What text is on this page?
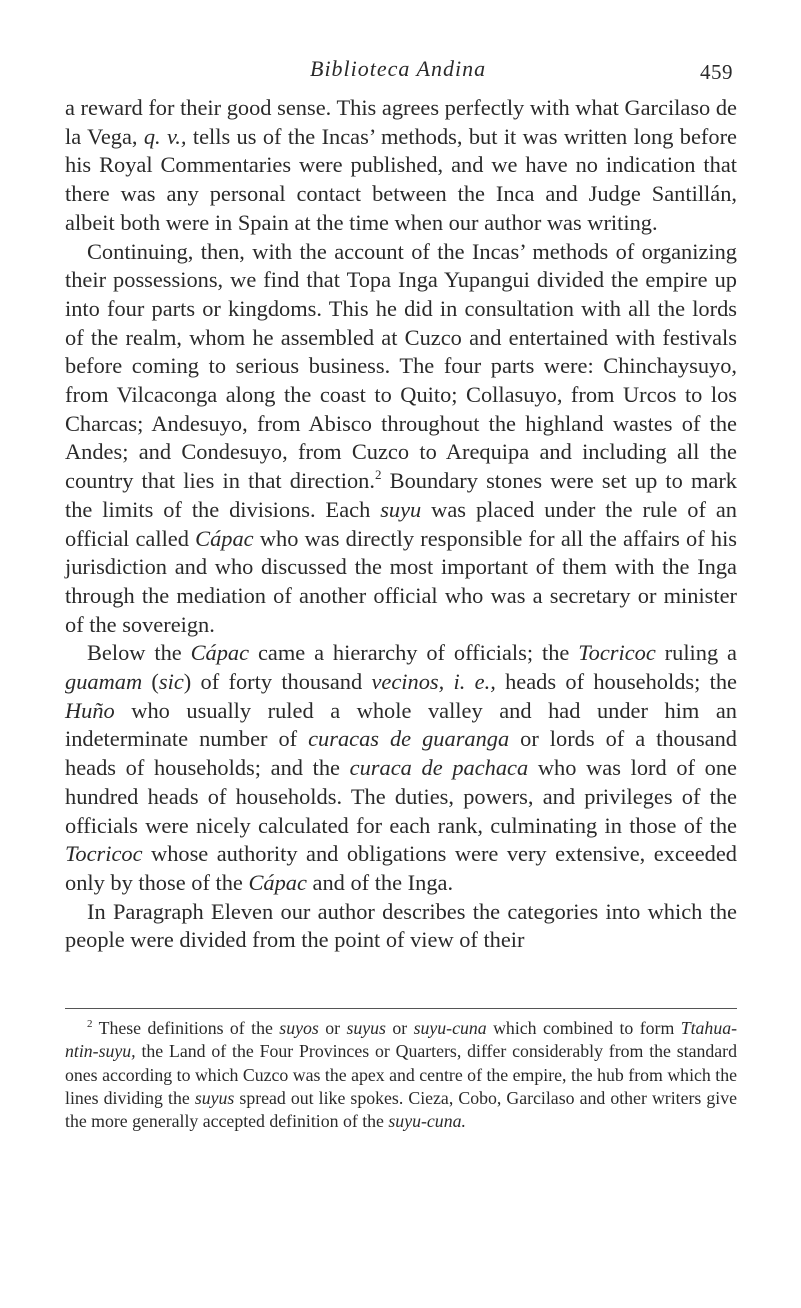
Biblioteca Andina	459

a reward for their good sense. This agrees perfectly with what Garcilaso de la Vega, q. v., tells us of the Incas’ methods, but it was written long before his Royal Commentaries were published, and we have no indication that there was any personal contact between the Inca and Judge Santillán, albeit both were in Spain at the time when our author was writing.

Continuing, then, with the account of the Incas’ methods of organizing their possessions, we find that Topa Inga Yupangui divided the empire up into four parts or kingdoms. This he did in consultation with all the lords of the realm, whom he assembled at Cuzco and entertained with festivals before coming to serious business. The four parts were: Chinchaysuyo, from Vilcaconga along the coast to Quito; Collasuyo, from Urcos to los Charcas; Andesuyo, from Abisco throughout the highland wastes of the Andes; and Condesuyo, from Cuzco to Arequipa and including all the country that lies in that direction.$^2$ Boundary stones were set up to mark the limits of the divisions. Each suyu was placed under the rule of an official called Cápac who was directly responsible for all the affairs of his jurisdiction and who discussed the most important of them with the Inga through the mediation of another official who was a secretary or minister of the sovereign.

Below the Cápac came a hierarchy of officials; the Tocricoc ruling a guamam (sic) of forty thousand vecinos, i. e., heads of households; the Huño who usually ruled a whole valley and had under him an indeterminate number of curacas de guaranga or lords of a thousand heads of households; and the curaca de pachaca who was lord of one hundred heads of households. The duties, powers, and privileges of the officials were nicely calculated for each rank, culminating in those of the Tocricoc whose authority and obligations were very extensive, exceeded only by those of the Cápac and of the Inga.

In Paragraph Eleven our author describes the categories into which the people were divided from the point of view of their

$^2$ These definitions of the suyos or suyus or suyu-cuna which combined to form Ttahua-ntin-suyu, the Land of the Four Provinces or Quarters, differ considerably from the standard ones according to which Cuzco was the apex and centre of the empire, the hub from which the lines dividing the suyus spread out like spokes. Cieza, Cobo, Garcilaso and other writers give the more generally accepted definition of the suyu-cuna.
